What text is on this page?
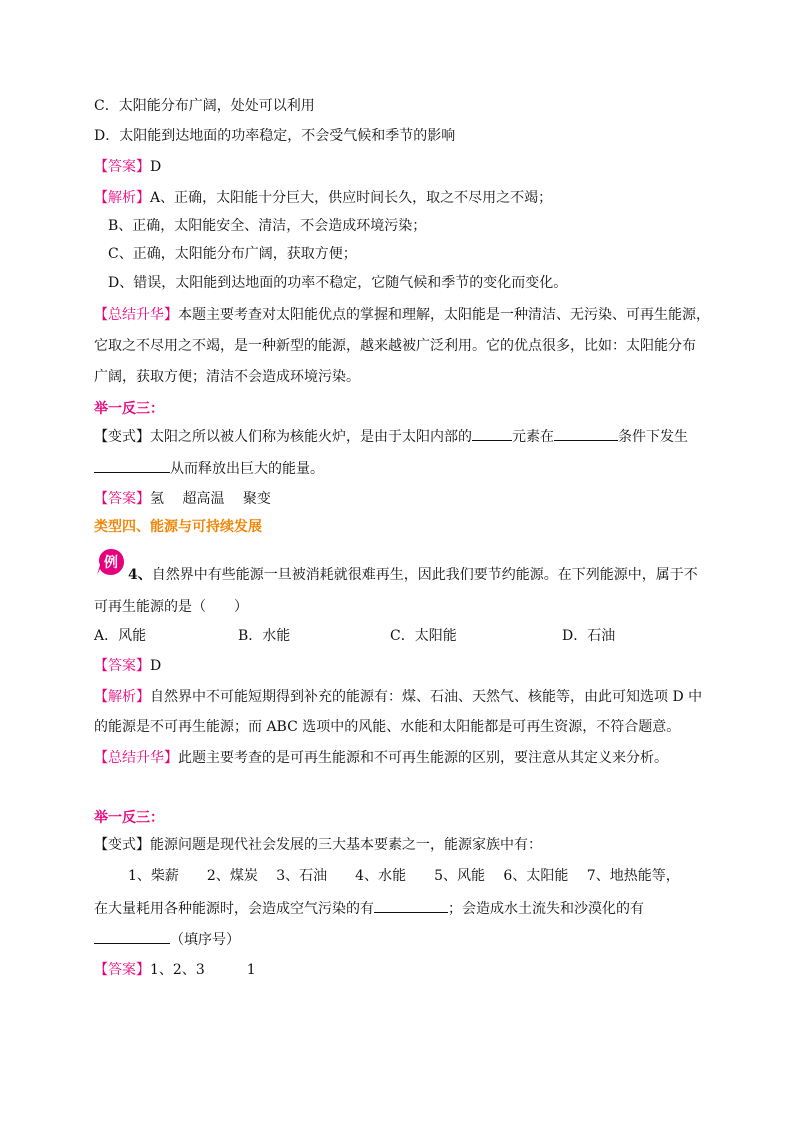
C．太阳能分布广阔，处处可以利用
D．太阳能到达地面的功率稳定，不会受气候和季节的影响
【答案】D
【解析】A、正确，太阳能十分巨大，供应时间长久，取之不尽用之不竭；
B、正确，太阳能安全、清洁，不会造成环境污染；
C、正确，太阳能分布广阔，获取方便；
D、错误，太阳能到达地面的功率不稳定，它随气候和季节的变化而变化。
【总结升华】本题主要考查对太阳能优点的掌握和理解，太阳能是一种清洁、无污染、可再生能源，
它取之不尽用之不竭，是一种新型的能源，越来越被广泛利用。它的优点很多，比如：太阳能分布
广阔，获取方便；清洁不会造成环境污染。
举一反三：
【变式】太阳之所以被人们称为核能火炉，是由于太阳内部的	元素在	条件下发生
从而释放出巨大的能量。
【答案】氢　 超高温　 聚变
类型四、能源与可持续发展
例
4、自然界中有些能源一旦被消耗就很难再生，因此我们要节约能源。在下列能源中，属于不
可再生能源的是（　　）
A．风能	B．水能	C．太阳能	D．石油
【答案】D
【解析】自然界中不可能短期得到补充的能源有：煤、石油、天然气、核能等，由此可知选项 D 中
的能源是不可再生能源；而 ABC 选项中的风能、水能和太阳能都是可再生资源，不符合题意。
【总结升华】此题主要考查的是可再生能源和不可再生能源的区别，要注意从其定义来分析。
举一反三：
【变式】能源问题是现代社会发展的三大基本要素之一，能源家族中有：
1、柴薪　　2、煤炭　 3、石油　　4、水能　　5、风能　 6、太阳能　 7、地热能等，
在大量耗用各种能源时，会造成空气污染的有	；会造成水土流失和沙漠化的有
（填序号）
【答案】1、2、3　　　1
